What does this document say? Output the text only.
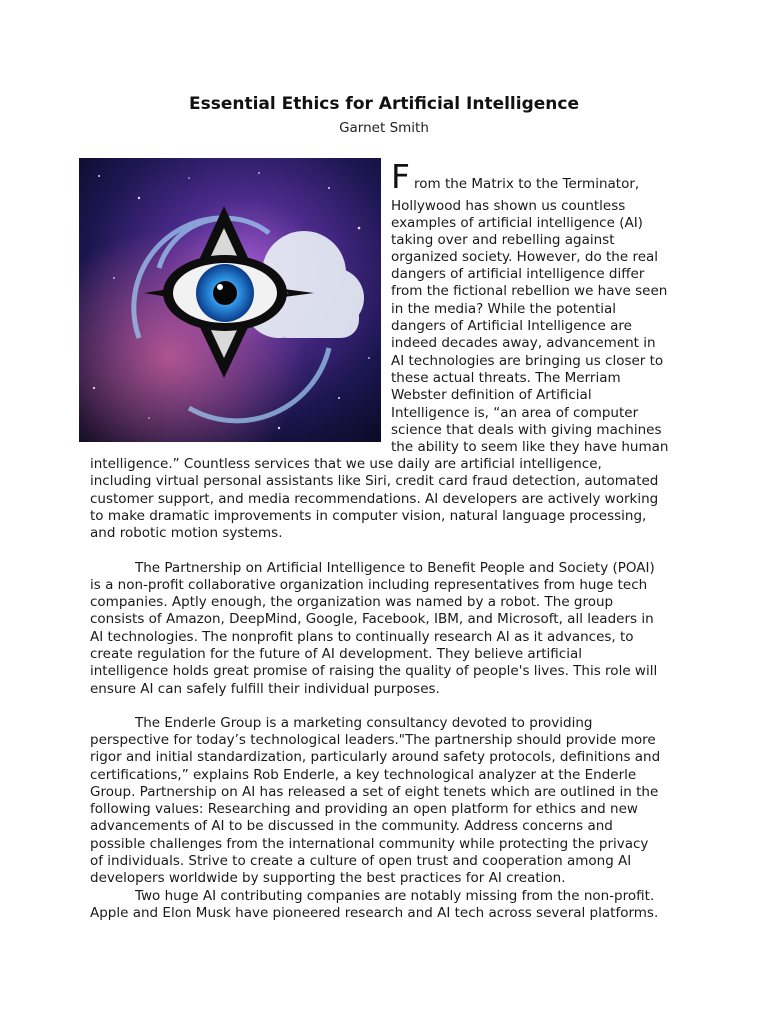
Essential Ethics for Artificial Intelligence
Garnet Smith
F rom the Matrix to the Terminator,
Hollywood has shown us countless
examples of artificial intelligence (AI)
taking over and rebelling against
organized society. However, do the real
dangers of artificial intelligence differ
from the fictional rebellion we have seen
in the media? While the potential
dangers of Artificial Intelligence are
indeed decades away, advancement in
AI technologies are bringing us closer to
these actual threats. The Merriam
Webster definition of Artificial
Intelligence is, “an area of computer
science that deals with giving machines
the ability to seem like they have human
intelligence.” Countless services that we use daily are artificial intelligence,
including virtual personal assistants like Siri, credit card fraud detection, automated
customer support, and media recommendations. AI developers are actively working
to make dramatic improvements in computer vision, natural language processing,
and robotic motion systems.
The Partnership on Artificial Intelligence to Benefit People and Society (POAI)
is a non-profit collaborative organization including representatives from huge tech
companies. Aptly enough, the organization was named by a robot. The group
consists of Amazon, DeepMind, Google, Facebook, IBM, and Microsoft, all leaders in
AI technologies. The nonprofit plans to continually research AI as it advances, to
create regulation for the future of AI development. They believe artificial
intelligence holds great promise of raising the quality of people's lives. This role will
ensure AI can safely fulfill their individual purposes.
The Enderle Group is a marketing consultancy devoted to providing
perspective for today’s technological leaders."The partnership should provide more
rigor and initial standardization, particularly around safety protocols, definitions and
certifications,” explains Rob Enderle, a key technological analyzer at the Enderle
Group. Partnership on AI has released a set of eight tenets which are outlined in the
following values: Researching and providing an open platform for ethics and new
advancements of AI to be discussed in the community. Address concerns and
possible challenges from the international community while protecting the privacy
of individuals. Strive to create a culture of open trust and cooperation among AI
developers worldwide by supporting the best practices for AI creation.
Two huge AI contributing companies are notably missing from the non-profit.
Apple and Elon Musk have pioneered research and AI tech across several platforms.
